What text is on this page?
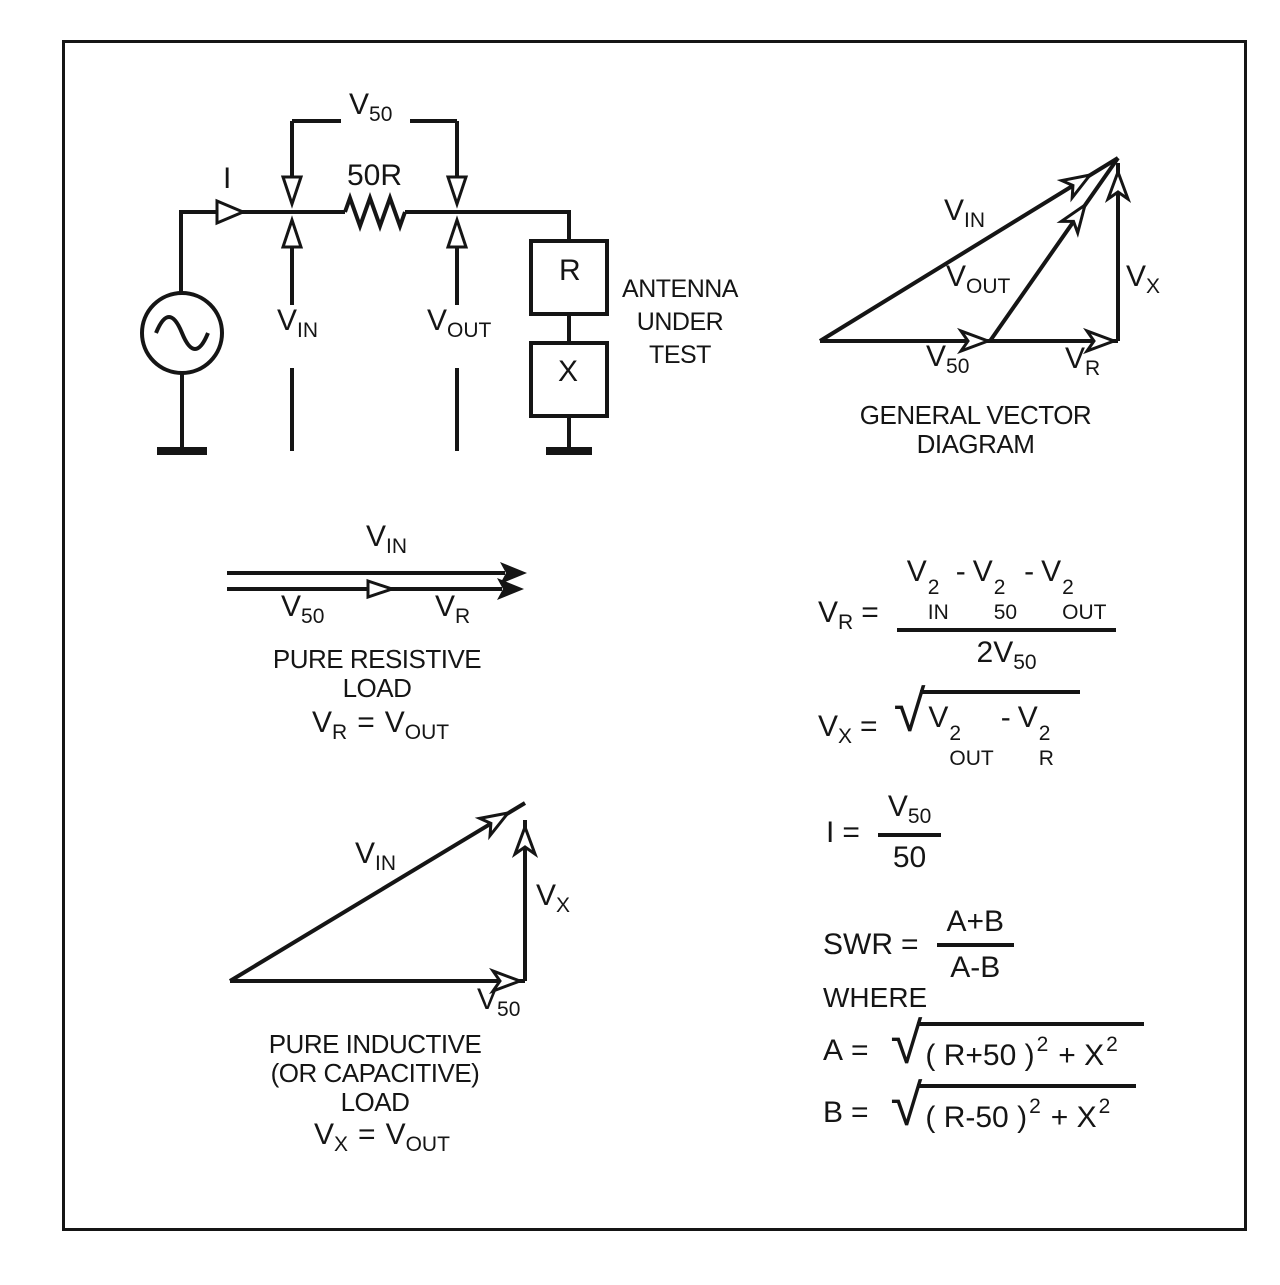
I
$V_{50}$
50R
$V_{IN}$	$V_{OUT}$
R
X
ANTENNA
UNDER
TEST
$V_{IN}$
$V_{OUT}$	$V_X$
$V_{50}$	$V_R$
GENERAL VECTOR
DIAGRAM
$V_{IN}$
$V_{50}$	$V_R$
PURE RESISTIVE
LOAD
$V_R = V_{OUT}$
$V_{IN}$
$V_X$
$V_{50}$
PURE INDUCTIVE
(OR CAPACITIVE)
LOAD
$V_X = V_{OUT}$
$V_R = V$ 2
IN
- V 2
50
- V 2
OUT
$2V_{50}$
$V_X$ = √ V 2
OUT
- V 2
R
$I = \frac{V_{50}}{50}$
SWR = $\frac{A+B}{A-B}$
WHERE
A = √ ( R+50 )$^2 + X^2$
B = √ ( R-50 )$^2 + X^2$
